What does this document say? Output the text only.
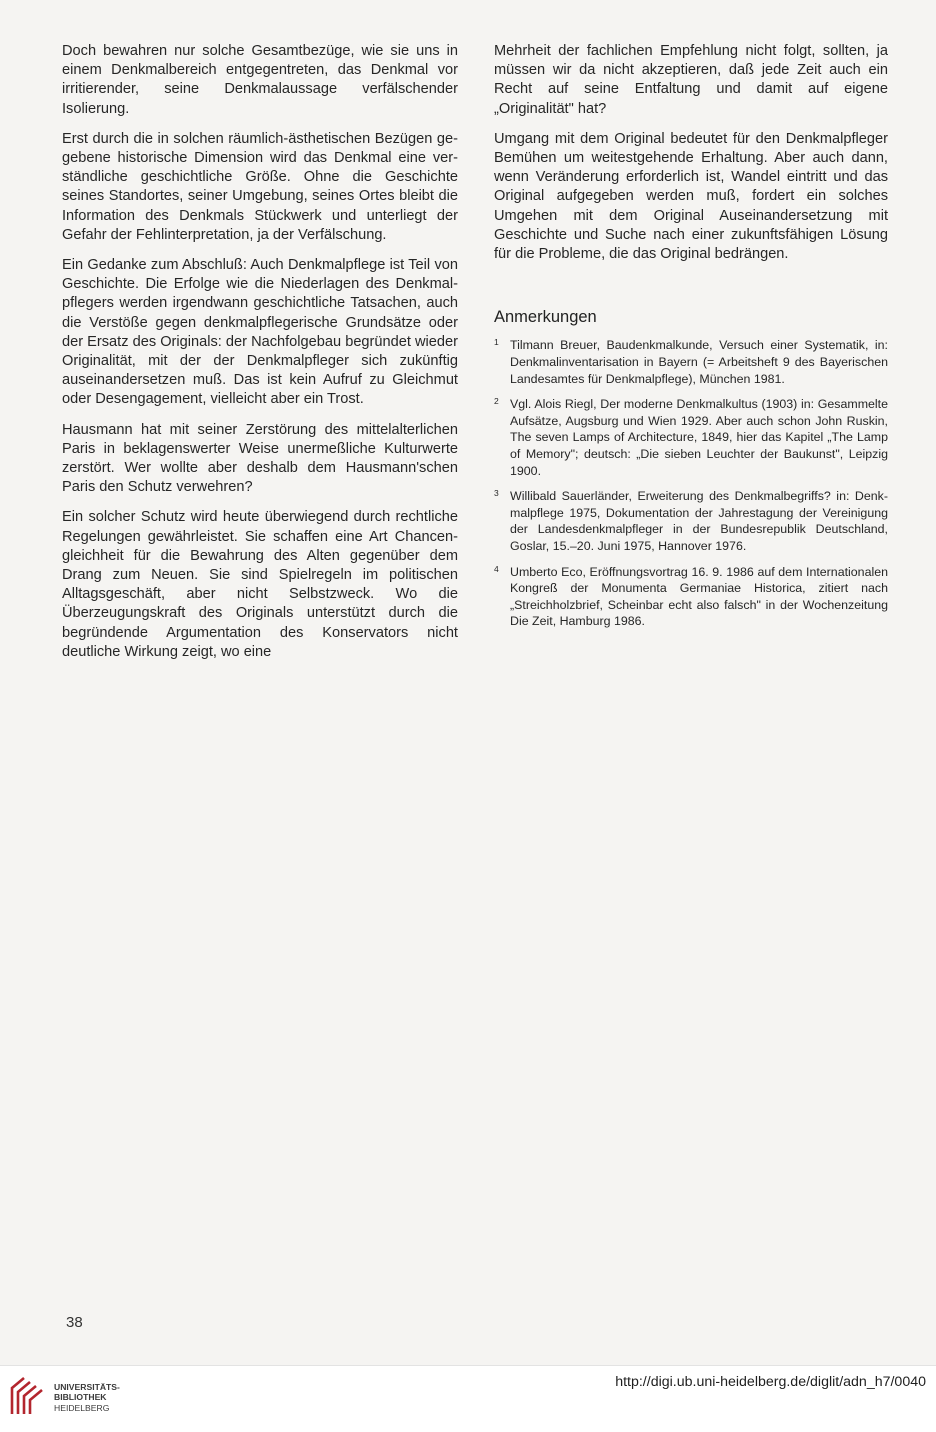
Doch bewahren nur solche Gesamtbezüge, wie sie uns in einem Denkmalbereich entgegentreten, das Denkmal vor irritierender, seine Denkmalaussage verfälschender Isolierung.

Erst durch die in solchen räumlich-ästhetischen Bezügen gegebene historische Dimension wird das Denkmal eine verständliche geschichtliche Größe. Ohne die Geschichte seines Standortes, seiner Umgebung, seines Ortes bleibt die Information des Denkmals Stückwerk und unterliegt der Gefahr der Fehlinterpretation, ja der Verfälschung.

Ein Gedanke zum Abschluß: Auch Denkmalpflege ist Teil von Geschichte. Die Erfolge wie die Niederlagen des Denkmalpflegers werden irgendwann geschichtliche Tatsachen, auch die Verstöße gegen denkmalpflegerische Grundsätze oder der Ersatz des Originals: der Nachfolgebau begründet wieder Originalität, mit der der Denkmalpfleger sich zukünftig auseinandersetzen muß. Das ist kein Aufruf zu Gleichmut oder Desengagement, vielleicht aber ein Trost.

Hausmann hat mit seiner Zerstörung des mittelalterlichen Paris in beklagenswerter Weise unermeßliche Kulturwerte zerstört. Wer wollte aber deshalb dem Hausmann'schen Paris den Schutz verwehren?

Ein solcher Schutz wird heute überwiegend durch rechtliche Regelungen gewährleistet. Sie schaffen eine Art Chancengleichheit für die Bewahrung des Alten gegenüber dem Drang zum Neuen. Sie sind Spielregeln im politischen Alltagsgeschäft, aber nicht Selbstzweck. Wo die Überzeugungskraft des Originals unterstützt durch die begründende Argumentation des Konservators nicht deutliche Wirkung zeigt, wo eine

Mehrheit der fachlichen Empfehlung nicht folgt, sollten, ja müssen wir da nicht akzeptieren, daß jede Zeit auch ein Recht auf seine Entfaltung und damit auf eigene „Originalität" hat?

Umgang mit dem Original bedeutet für den Denkmalpfleger Bemühen um weitestgehende Erhaltung. Aber auch dann, wenn Veränderung erforderlich ist, Wandel eintritt und das Original aufgegeben werden muß, fordert ein solches Umgehen mit dem Original Auseinandersetzung mit Geschichte und Suche nach einer zukunftsfähigen Lösung für die Probleme, die das Original bedrängen.

Anmerkungen
1 Tilmann Breuer, Baudenkmalkunde, Versuch einer Systematik, in: Denkmalinventarisation in Bayern (= Arbeitsheft 9 des Bayerischen Landesamtes für Denkmalpflege), München 1981.
2 Vgl. Alois Riegl, Der moderne Denkmalkultus (1903) in: Gesammelte Aufsätze, Augsburg und Wien 1929. Aber auch schon John Ruskin, The seven Lamps of Architecture, 1849, hier das Kapitel „The Lamp of Memory"; deutsch: „Die sieben Leuchter der Baukunst", Leipzig 1900.
3 Willibald Sauerländer, Erweiterung des Denkmalbegriffs? in: Denkmalpflege 1975, Dokumentation der Jahrestagung der Vereinigung der Landesdenkmalpfleger in der Bundesrepublik Deutschland, Goslar, 15.–20. Juni 1975, Hannover 1976.
4 Umberto Eco, Eröffnungsvortrag 16. 9. 1986 auf dem Internationalen Kongreß der Monumenta Germaniae Historica, zitiert nach „Streichholzbrief, Scheinbar echt also falsch" in der Wochenzeitung Die Zeit, Hamburg 1986.
38
UNIVERSITÄTS-
BIBLIOTHEK
HEIDELBERG
http://digi.ub.uni-heidelberg.de/diglit/adn_h7/0040
